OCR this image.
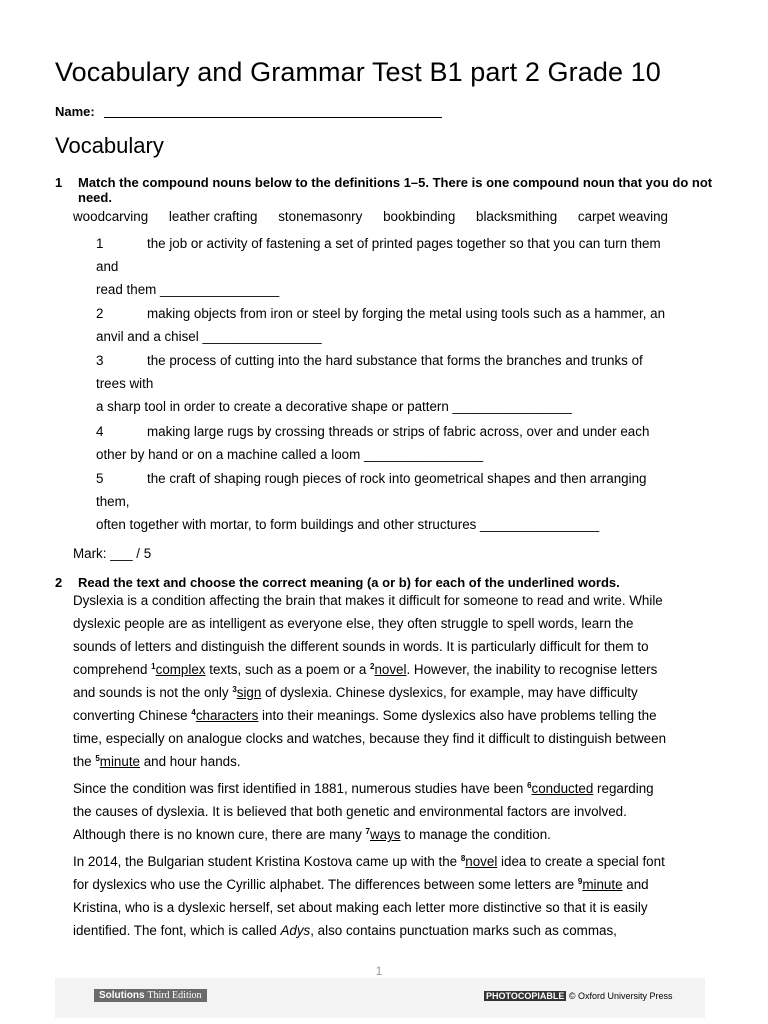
Vocabulary and Grammar Test B1 part 2 Grade 10
Name:
Vocabulary
1 Match the compound nouns below to the definitions 1–5. There is one compound noun that you do not need.
woodcarving leather crafting stonemasonry bookbinding blacksmithing carpet weaving
1	the job or activity of fastening a set of printed pages together so that you can turn them
and
read them ________________
2	making objects from iron or steel by forging the metal using tools such as a hammer, an
anvil and a chisel ________________
3	the process of cutting into the hard substance that forms the branches and trunks of
trees with
a sharp tool in order to create a decorative shape or pattern ________________
4	making large rugs by crossing threads or strips of fabric across, over and under each
other by hand or on a machine called a loom ________________
5	the craft of shaping rough pieces of rock into geometrical shapes and then arranging
them,
often together with mortar, to form buildings and other structures ________________
Mark: ___ / 5
2 Read the text and choose the correct meaning (a or b) for each of the underlined words.
Dyslexia is a condition affecting the brain that makes it difficult for someone to read and write. While
dyslexic people are as intelligent as everyone else, they often struggle to spell words, learn the
sounds of letters and distinguish the different sounds in words. It is particularly difficult for them to
comprehend $^1$complex texts, such as a poem or a $^2$novel. However, the inability to recognise letters
and sounds is not the only $^3$sign of dyslexia. Chinese dyslexics, for example, may have difficulty
converting Chinese $^4$characters into their meanings. Some dyslexics also have problems telling the
time, especially on analogue clocks and watches, because they find it difficult to distinguish between
the $^5$minute and hour hands.
Since the condition was first identified in 1881, numerous studies have been $^6$conducted regarding
the causes of dyslexia. It is believed that both genetic and environmental factors are involved.
Although there is no known cure, there are many $^7$ways to manage the condition.
In 2014, the Bulgarian student Kristina Kostova came up with the $^8$novel idea to create a special font
for dyslexics who use the Cyrillic alphabet. The differences between some letters are $^9$minute and
Kristina, who is a dyslexic herself, set about making each letter more distinctive so that it is easily
identified. The font, which is called Adys, also contains punctuation marks such as commas,
1
Solutions Third Edition	PHOTOCOPIABLE © Oxford University Press
